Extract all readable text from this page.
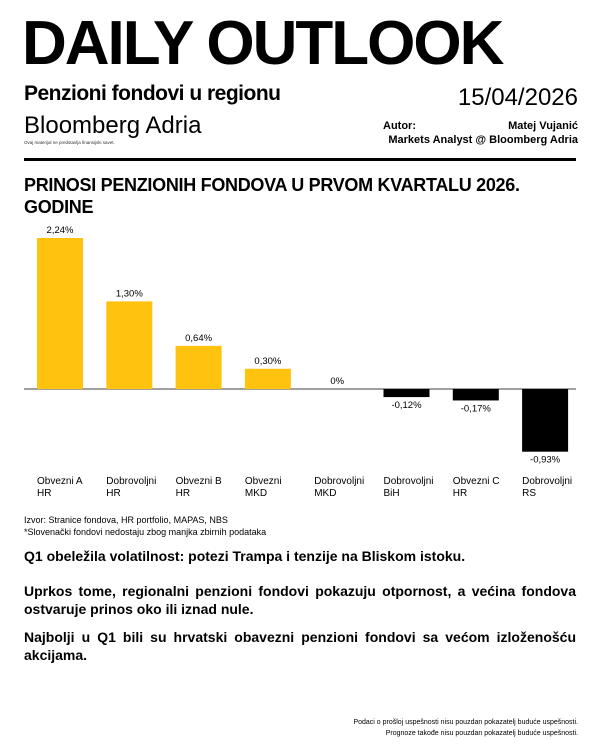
DAILY OUTLOOK
Penzioni fondovi u regionu	15/04/2026
Bloomberg Adria
Ovaj materijal ne predstavlja finansijski savet.
Autor:	Matej Vujanić
Markets Analyst @ Bloomberg Adria
PRINOSI PENZIONIH FONDOVA U PRVOM KVARTALU 2026. GODINE
2,24%
Obvezni A
HR
1,30%
Dobrovoljni
HR
0,64%
Obvezni B
HR
0,30%
Obvezni
MKD
0%
Dobrovoljni
MKD
-0,12%
Dobrovoljni
BiH
-0,17%
Obvezni C
HR
-0,93%
Dobrovoljni
RS
Izvor: Stranice fondova, HR portfolio, MAPAS, NBS
*Slovenački fondovi nedostaju zbog manjka zbirnih podataka
Q1 obeležila volatilnost: potezi Trampa i tenzije na Bliskom istoku.
Uprkos tome, regionalni penzioni fondovi pokazuju otpornost, a većina fondova ostvaruje prinos oko ili iznad nule.
Najbolji u Q1 bili su hrvatski obavezni penzioni fondovi sa većom izloženošću akcijama.
Podaci o prošloj uspešnosti nisu pouzdan pokazatelj buduće uspešnosti.
Prognoze takođe nisu pouzdan pokazatelj buduće uspešnosti.
